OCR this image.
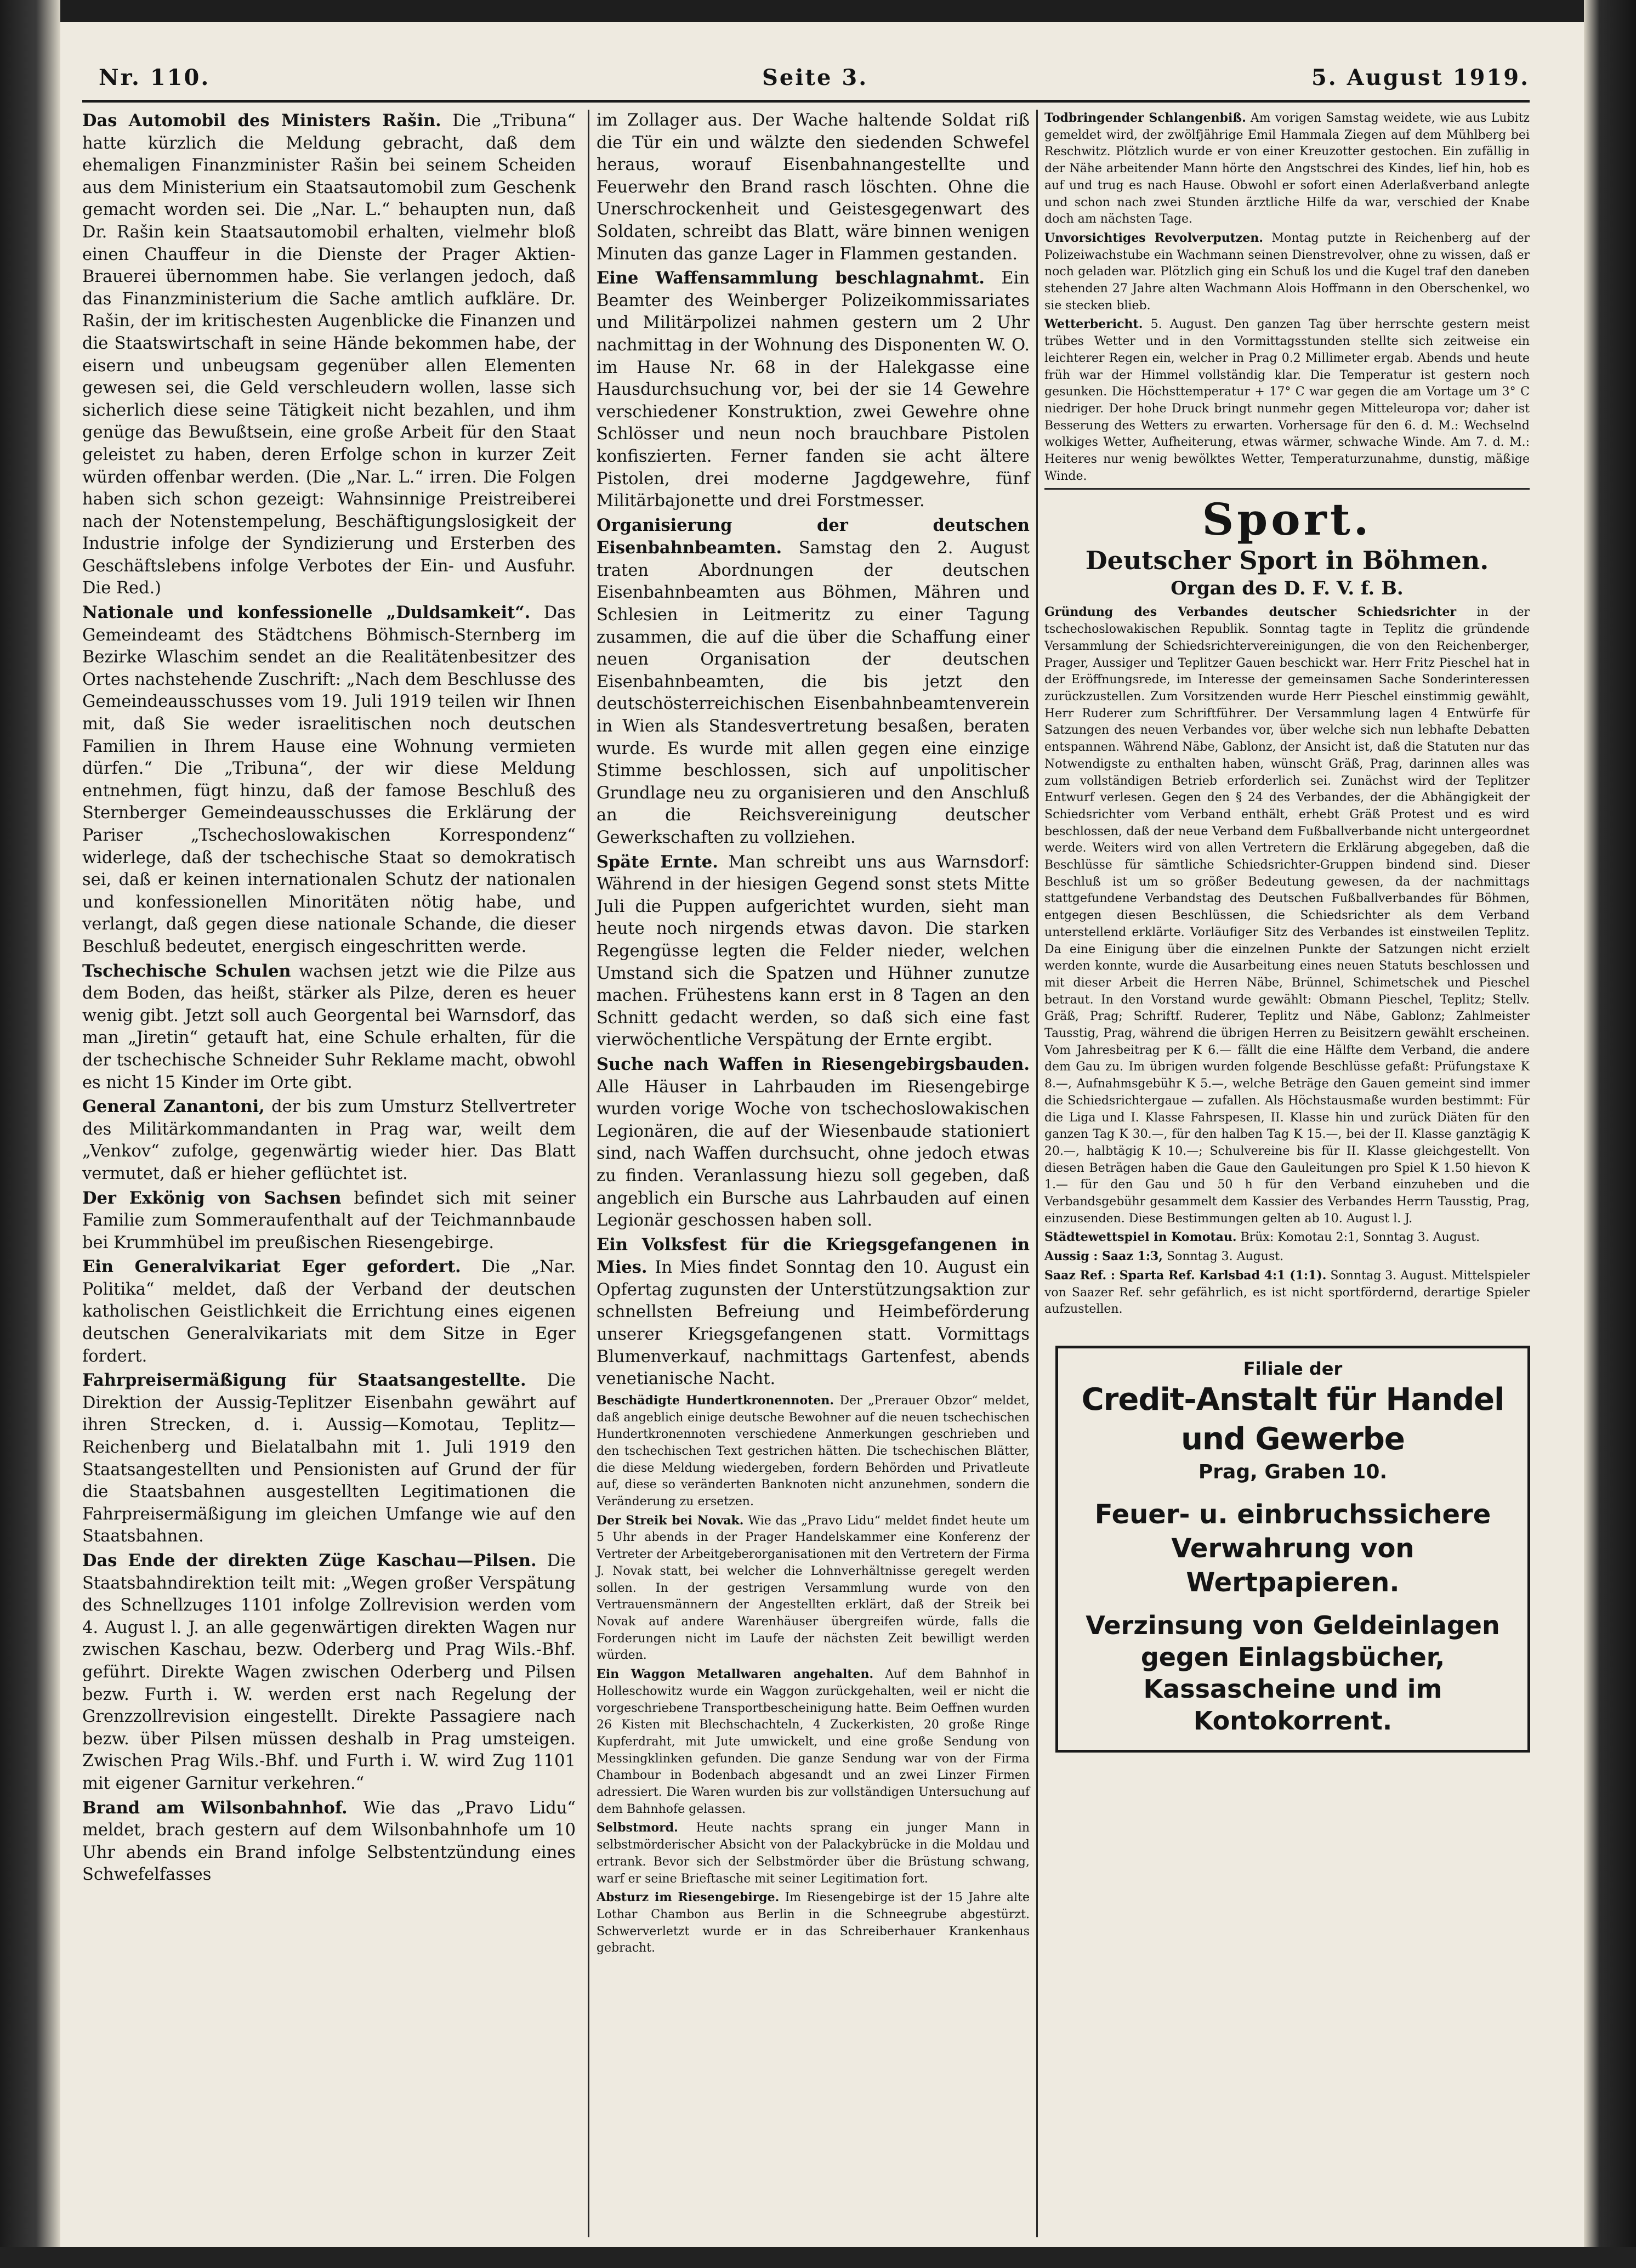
Nr. 110.	Seite 3.	5. August 1919.

Das Automobil des Ministers Rašin. Die „Tribuna“ hatte kürzlich die Meldung gebracht, daß dem ehemaligen Finanzminister Rašin bei seinem Scheiden aus dem Ministerium ein Staatsautomobil zum Geschenk gemacht worden sei. Die „Nar. L.“ behaupten nun, daß Dr. Rašin kein Staatsautomobil erhalten, vielmehr bloß einen Chauffeur in die Dienste der Prager Aktien-Brauerei übernommen habe. Sie verlangen jedoch, daß das Finanzministerium die Sache amtlich aufkläre. Dr. Rašin, der im kritischesten Augenblicke die Finanzen und die Staatswirtschaft in seine Hände bekommen habe, der eisern und unbeugsam gegenüber allen Elementen gewesen sei, die Geld verschleudern wollen, lasse sich sicherlich diese seine Tätigkeit nicht bezahlen, und ihm genüge das Bewußtsein, eine große Arbeit für den Staat geleistet zu haben, deren Erfolge schon in kurzer Zeit würden offenbar werden. (Die „Nar. L.“ irren. Die Folgen haben sich schon gezeigt: Wahnsinnige Preistreiberei nach der Notenstempelung, Beschäftigungslosigkeit der Industrie infolge der Syndizierung und Ersterben des Geschäftslebens infolge Verbotes der Ein- und Ausfuhr. Die Red.)

Nationale und konfessionelle „Duldsamkeit“. Das Gemeindeamt des Städtchens Böhmisch-Sternberg im Bezirke Wlaschim sendet an die Realitätenbesitzer des Ortes nachstehende Zuschrift: „Nach dem Beschlusse des Gemeindeausschusses vom 19. Juli 1919 teilen wir Ihnen mit, daß Sie weder israelitischen noch deutschen Familien in Ihrem Hause eine Wohnung vermieten dürfen.“ Die „Tribuna“, der wir diese Meldung entnehmen, fügt hinzu, daß der famose Beschluß des Sternberger Gemeindeausschusses die Erklärung der Pariser „Tschechoslowakischen Korrespondenz“ widerlege, daß der tschechische Staat so demokratisch sei, daß er keinen internationalen Schutz der nationalen und konfessionellen Minoritäten nötig habe, und verlangt, daß gegen diese nationale Schande, die dieser Beschluß bedeutet, energisch eingeschritten werde.

Tschechische Schulen wachsen jetzt wie die Pilze aus dem Boden, das heißt, stärker als Pilze, deren es heuer wenig gibt. Jetzt soll auch Georgental bei Warnsdorf, das man „Jiretin“ getauft hat, eine Schule erhalten, für die der tschechische Schneider Suhr Reklame macht, obwohl es nicht 15 Kinder im Orte gibt.

General Zanantoni, der bis zum Umsturz Stellvertreter des Militärkommandanten in Prag war, weilt dem „Venkov“ zufolge, gegenwärtig wieder hier. Das Blatt vermutet, daß er hieher geflüchtet ist.

Der Exkönig von Sachsen befindet sich mit seiner Familie zum Sommeraufenthalt auf der Teichmannbaude bei Krummhübel im preußischen Riesengebirge.

Ein Generalvikariat Eger gefordert. Die „Nar. Politika“ meldet, daß der Verband der deutschen katholischen Geistlichkeit die Errichtung eines eigenen deutschen Generalvikariats mit dem Sitze in Eger fordert.

Fahrpreisermäßigung für Staatsangestellte. Die Direktion der Aussig-Teplitzer Eisenbahn gewährt auf ihren Strecken, d. i. Aussig—Komotau, Teplitz—Reichenberg und Bielatalbahn mit 1. Juli 1919 den Staatsangestellten und Pensionisten auf Grund der für die Staatsbahnen ausgestellten Legitimationen die Fahrpreisermäßigung im gleichen Umfange wie auf den Staatsbahnen.

Das Ende der direkten Züge Kaschau—Pilsen. Die Staatsbahndirektion teilt mit: „Wegen großer Verspätung des Schnellzuges 1101 infolge Zollrevision werden vom 4. August l. J. an alle gegenwärtigen direkten Wagen nur zwischen Kaschau, bezw. Oderberg und Prag Wils.-Bhf. geführt. Direkte Wagen zwischen Oderberg und Pilsen bezw. Furth i. W. werden erst nach Regelung der Grenzzollrevision eingestellt. Direkte Passagiere nach bezw. über Pilsen müssen deshalb in Prag umsteigen. Zwischen Prag Wils.-Bhf. und Furth i. W. wird Zug 1101 mit eigener Garnitur verkehren.“

Brand am Wilsonbahnhof. Wie das „Pravo Lidu“ meldet, brach gestern auf dem Wilsonbahnhofe um 10 Uhr abends ein Brand infolge Selbstentzündung eines Schwefelfasses

im Zollager aus. Der Wache haltende Soldat riß die Tür ein und wälzte den siedenden Schwefel heraus, worauf Eisenbahnangestellte und Feuerwehr den Brand rasch löschten. Ohne die Unerschrockenheit und Geistesgegenwart des Soldaten, schreibt das Blatt, wäre binnen wenigen Minuten das ganze Lager in Flammen gestanden.

Eine Waffensammlung beschlagnahmt. Ein Beamter des Weinberger Polizeikommissariates und Militärpolizei nahmen gestern um 2 Uhr nachmittag in der Wohnung des Disponenten W. O. im Hause Nr. 68 in der Halekgasse eine Hausdurchsuchung vor, bei der sie 14 Gewehre verschiedener Konstruktion, zwei Gewehre ohne Schlösser und neun noch brauchbare Pistolen konfiszierten. Ferner fanden sie acht ältere Pistolen, drei moderne Jagdgewehre, fünf Militärbajonette und drei Forstmesser.

Organisierung der deutschen Eisenbahnbeamten. Samstag den 2. August traten Abordnungen der deutschen Eisenbahnbeamten aus Böhmen, Mähren und Schlesien in Leitmeritz zu einer Tagung zusammen, die auf die über die Schaffung einer neuen Organisation der deutschen Eisenbahnbeamten, die bis jetzt den deutschösterreichischen Eisenbahnbeamtenverein in Wien als Standesvertretung besaßen, beraten wurde. Es wurde mit allen gegen eine einzige Stimme beschlossen, sich auf unpolitischer Grundlage neu zu organisieren und den Anschluß an die Reichsvereinigung deutscher Gewerkschaften zu vollziehen.

Späte Ernte. Man schreibt uns aus Warnsdorf: Während in der hiesigen Gegend sonst stets Mitte Juli die Puppen aufgerichtet wurden, sieht man heute noch nirgends etwas davon. Die starken Regengüsse legten die Felder nieder, welchen Umstand sich die Spatzen und Hühner zunutze machen. Frühestens kann erst in 8 Tagen an den Schnitt gedacht werden, so daß sich eine fast vierwöchentliche Verspätung der Ernte ergibt.

Suche nach Waffen in Riesengebirgsbauden. Alle Häuser in Lahrbauden im Riesengebirge wurden vorige Woche von tschechoslowakischen Legionären, die auf der Wiesenbaude stationiert sind, nach Waffen durchsucht, ohne jedoch etwas zu finden. Veranlassung hiezu soll gegeben, daß angeblich ein Bursche aus Lahrbauden auf einen Legionär geschossen haben soll.

Ein Volksfest für die Kriegsgefangenen in Mies. In Mies findet Sonntag den 10. August ein Opfertag zugunsten der Unterstützungsaktion zur schnellsten Befreiung und Heimbeförderung unserer Kriegsgefangenen statt. Vormittags Blumenverkauf, nachmittags Gartenfest, abends venetianische Nacht.

Beschädigte Hundertkronennoten. Der „Prerauer Obzor“ meldet, daß angeblich einige deutsche Bewohner auf die neuen tschechischen Hundertkronennoten verschiedene Anmerkungen geschrieben und den tschechischen Text gestrichen hätten. Die tschechischen Blätter, die diese Meldung wiedergeben, fordern Behörden und Privatleute auf, diese so veränderten Banknoten nicht anzunehmen, sondern die Veränderung zu ersetzen.

Der Streik bei Novak. Wie das „Pravo Lidu“ meldet findet heute um 5 Uhr abends in der Prager Handelskammer eine Konferenz der Vertreter der Arbeitgeberorganisationen mit den Vertretern der Firma J. Novak statt, bei welcher die Lohnverhältnisse geregelt werden sollen. In der gestrigen Versammlung wurde von den Vertrauensmännern der Angestellten erklärt, daß der Streik bei Novak auf andere Warenhäuser übergreifen würde, falls die Forderungen nicht im Laufe der nächsten Zeit bewilligt werden würden.

Ein Waggon Metallwaren angehalten. Auf dem Bahnhof in Holleschowitz wurde ein Waggon zurückgehalten, weil er nicht die vorgeschriebene Transportbescheinigung hatte. Beim Oeffnen wurden 26 Kisten mit Blechschachteln, 4 Zuckerkisten, 20 große Ringe Kupferdraht, mit Jute umwickelt, und eine große Sendung von Messingklinken gefunden. Die ganze Sendung war von der Firma Chambour in Bodenbach abgesandt und an zwei Linzer Firmen adressiert. Die Waren wurden bis zur vollständigen Untersuchung auf dem Bahnhofe gelassen.

Selbstmord. Heute nachts sprang ein junger Mann in selbstmörderischer Absicht von der Palackybrücke in die Moldau und ertrank. Bevor sich der Selbstmörder über die Brüstung schwang, warf er seine Brieftasche mit seiner Legitimation fort.

Absturz im Riesengebirge. Im Riesengebirge ist der 15 Jahre alte Lothar Chambon aus Berlin in die Schneegrube abgestürzt. Schwerverletzt wurde er in das Schreiberhauer Krankenhaus gebracht.

Todbringender Schlangenbiß. Am vorigen Samstag weidete, wie aus Lubitz gemeldet wird, der zwölfjährige Emil Hammala Ziegen auf dem Mühlberg bei Reschwitz. Plötzlich wurde er von einer Kreuzotter gestochen. Ein zufällig in der Nähe arbeitender Mann hörte den Angstschrei des Kindes, lief hin, hob es auf und trug es nach Hause. Obwohl er sofort einen Aderlaßverband anlegte und schon nach zwei Stunden ärztliche Hilfe da war, verschied der Knabe doch am nächsten Tage.

Unvorsichtiges Revolverputzen. Montag putzte in Reichenberg auf der Polizeiwachstube ein Wachmann seinen Dienstrevolver, ohne zu wissen, daß er noch geladen war. Plötzlich ging ein Schuß los und die Kugel traf den daneben stehenden 27 Jahre alten Wachmann Alois Hoffmann in den Oberschenkel, wo sie stecken blieb.

Wetterbericht. 5. August. Den ganzen Tag über herrschte gestern meist trübes Wetter und in den Vormittagsstunden stellte sich zeitweise ein leichterer Regen ein, welcher in Prag 0.2 Millimeter ergab. Abends und heute früh war der Himmel vollständig klar. Die Temperatur ist gestern noch gesunken. Die Höchsttemperatur + 17° C war gegen die am Vortage um 3° C niedriger. Der hohe Druck bringt nunmehr gegen Mitteleuropa vor; daher ist Besserung des Wetters zu erwarten. Vorhersage für den 6. d. M.: Wechselnd wolkiges Wetter, Aufheiterung, etwas wärmer, schwache Winde. Am 7. d. M.: Heiteres nur wenig bewölktes Wetter, Temperaturzunahme, dunstig, mäßige Winde.

Sport.
Deutscher Sport in Böhmen.
Organ des D. F. V. f. B.

Gründung des Verbandes deutscher Schiedsrichter in der tschechoslowakischen Republik. Sonntag tagte in Teplitz die gründende Versammlung der Schiedsrichtervereinigungen, die von den Reichenberger, Prager, Aussiger und Teplitzer Gauen beschickt war. Herr Fritz Pieschel hat in der Eröffnungsrede, im Interesse der gemeinsamen Sache Sonderinteressen zurückzustellen. Zum Vorsitzenden wurde Herr Pieschel einstimmig gewählt, Herr Ruderer zum Schriftführer. Der Versammlung lagen 4 Entwürfe für Satzungen des neuen Verbandes vor, über welche sich nun lebhafte Debatten entspannen. Während Näbe, Gablonz, der Ansicht ist, daß die Statuten nur das Notwendigste zu enthalten haben, wünscht Gräß, Prag, darinnen alles was zum vollständigen Betrieb erforderlich sei. Zunächst wird der Teplitzer Entwurf verlesen. Gegen den § 24 des Verbandes, der die Abhängigkeit der Schiedsrichter vom Verband enthält, erhebt Gräß Protest und es wird beschlossen, daß der neue Verband dem Fußballverbande nicht untergeordnet werde. Weiters wird von allen Vertretern die Erklärung abgegeben, daß die Beschlüsse für sämtliche Schiedsrichter-Gruppen bindend sind. Dieser Beschluß ist um so größer Bedeutung gewesen, da der nachmittags stattgefundene Verbandstag des Deutschen Fußballverbandes für Böhmen, entgegen diesen Beschlüssen, die Schiedsrichter als dem Verband unterstellend erklärte. Vorläufiger Sitz des Verbandes ist einstweilen Teplitz. Da eine Einigung über die einzelnen Punkte der Satzungen nicht erzielt werden konnte, wurde die Ausarbeitung eines neuen Statuts beschlossen und mit dieser Arbeit die Herren Näbe, Brünnel, Schimetschek und Pieschel betraut. In den Vorstand wurde gewählt: Obmann Pieschel, Teplitz; Stellv. Gräß, Prag; Schriftf. Ruderer, Teplitz und Näbe, Gablonz; Zahlmeister Tausstig, Prag, während die übrigen Herren zu Beisitzern gewählt erscheinen. Vom Jahresbeitrag per K 6.— fällt die eine Hälfte dem Verband, die andere dem Gau zu. Im übrigen wurden folgende Beschlüsse gefaßt: Prüfungstaxe K 8.—, Aufnahmsgebühr K 5.—, welche Beträge den Gauen gemeint sind immer die Schiedsrichtergaue — zufallen. Als Höchstausmaße wurden bestimmt: Für die Liga und I. Klasse Fahrspesen, II. Klasse hin und zurück Diäten für den ganzen Tag K 30.—, für den halben Tag K 15.—, bei der II. Klasse ganztägig K 20.—, halbtägig K 10.—; Schulvereine bis für II. Klasse gleichgestellt. Von diesen Beträgen haben die Gaue den Gauleitungen pro Spiel K 1.50 hievon K 1.— für den Gau und 50 h für den Verband einzuheben und die Verbandsgebühr gesammelt dem Kassier des Verbandes Herrn Tausstig, Prag, einzusenden. Diese Bestimmungen gelten ab 10. August l. J.

Städtewettspiel in Komotau. Brüx: Komotau 2:1, Sonntag 3. August.

Aussig : Saaz 1:3, Sonntag 3. August.

Saaz Ref. : Sparta Ref. Karlsbad 4:1 (1:1). Sonntag 3. August. Mittelspieler von Saazer Ref. sehr gefährlich, es ist nicht sportfördernd, derartige Spieler aufzustellen.

Filiale der
Credit-Anstalt für Handel und Gewerbe
Prag, Graben 10.
Feuer- u. einbruchssichere Verwahrung von Wertpapieren.
Verzinsung von Geldeinlagen gegen Einlagsbücher, Kassascheine und im Kontokorrent.
